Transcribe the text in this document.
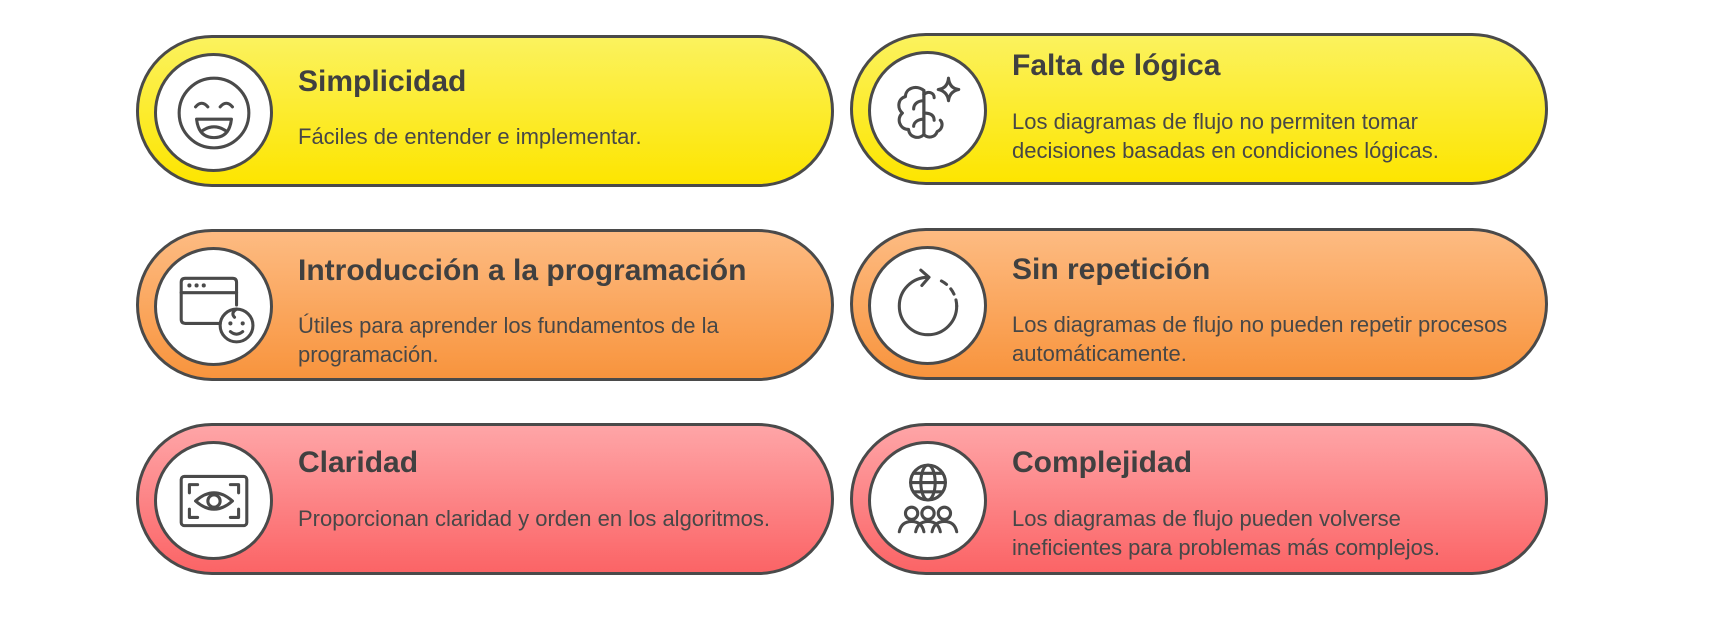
Simplicidad

Fáciles de entender e implementar.

Falta de lógica

Los diagramas de flujo no permiten tomar decisiones basadas en condiciones lógicas.

Introducción a la programación

Útiles para aprender los fundamentos de la programación.

Sin repetición

Los diagramas de flujo no pueden repetir procesos automáticamente.

Claridad

Proporcionan claridad y orden en los algoritmos.

Complejidad

Los diagramas de flujo pueden volverse ineficientes para problemas más complejos.
